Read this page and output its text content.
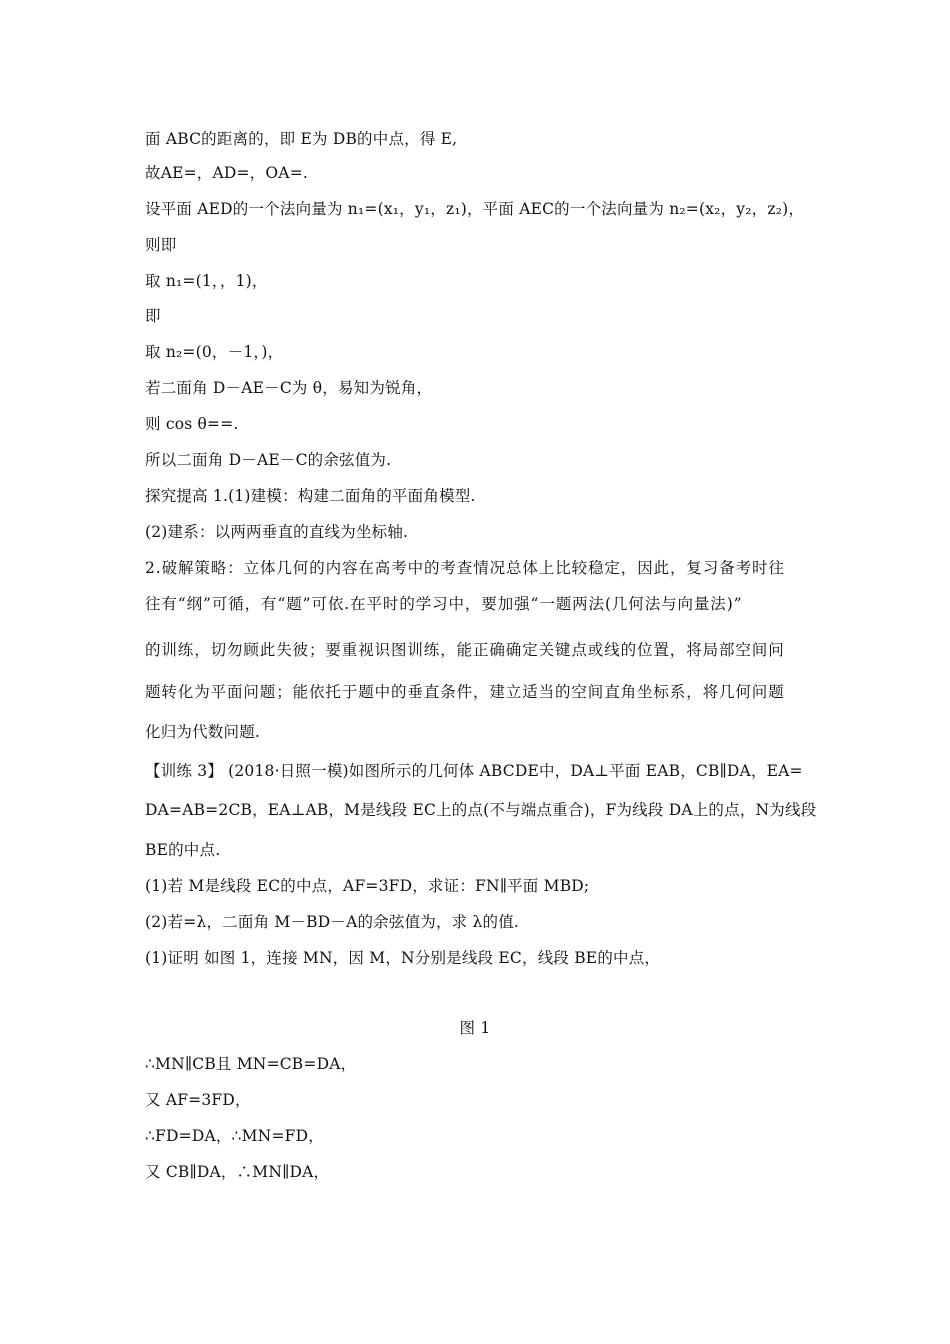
面 ABC的距离的，即 E为 DB的中点，得 E,
故AE=，AD=，OA=.
设平面 AED的一个法向量为 n₁=(x₁，y₁，z₁)，平面 AEC的一个法向量为 n₂=(x₂，y₂，z₂)，
则即
取 n₁=(1，，1)，
即
取 n₂=(0，－1，)，
若二面角 D－AE－C为 θ，易知为锐角，
则 cos θ==.
所以二面角 D－AE－C的余弦值为.
探究提高 1.(1)建模：构建二面角的平面角模型.
(2)建系：以两两垂直的直线为坐标轴.
2.破解策略：立体几何的内容在高考中的考查情况总体上比较稳定，因此，复习备考时往
往有“纲”可循，有“题”可依.在平时的学习中，要加强“一题两法(几何法与向量法)”
的训练，切勿顾此失彼；要重视识图训练，能正确确定关键点或线的位置，将局部空间问
题转化为平面问题；能依托于题中的垂直条件，建立适当的空间直角坐标系，将几何问题
化归为代数问题.
【训练 3】 (2018·日照一模)如图所示的几何体 ABCDE中，DA⊥平面 EAB，CB∥DA，EA=
DA=AB=2CB，EA⊥AB，M是线段 EC上的点(不与端点重合)，F为线段 DA上的点，N为线段
BE的中点.
(1)若 M是线段 EC的中点，AF=3FD，求证：FN∥平面 MBD;
(2)若=λ，二面角 M－BD－A的余弦值为，求 λ的值.
(1)证明 如图 1，连接 MN，因 M，N分别是线段 EC，线段 BE的中点，
图 1
∴MN∥CB且 MN=CB=DA，
又 AF=3FD，
∴FD=DA，∴MN=FD，
又 CB∥DA，∴MN∥DA，
